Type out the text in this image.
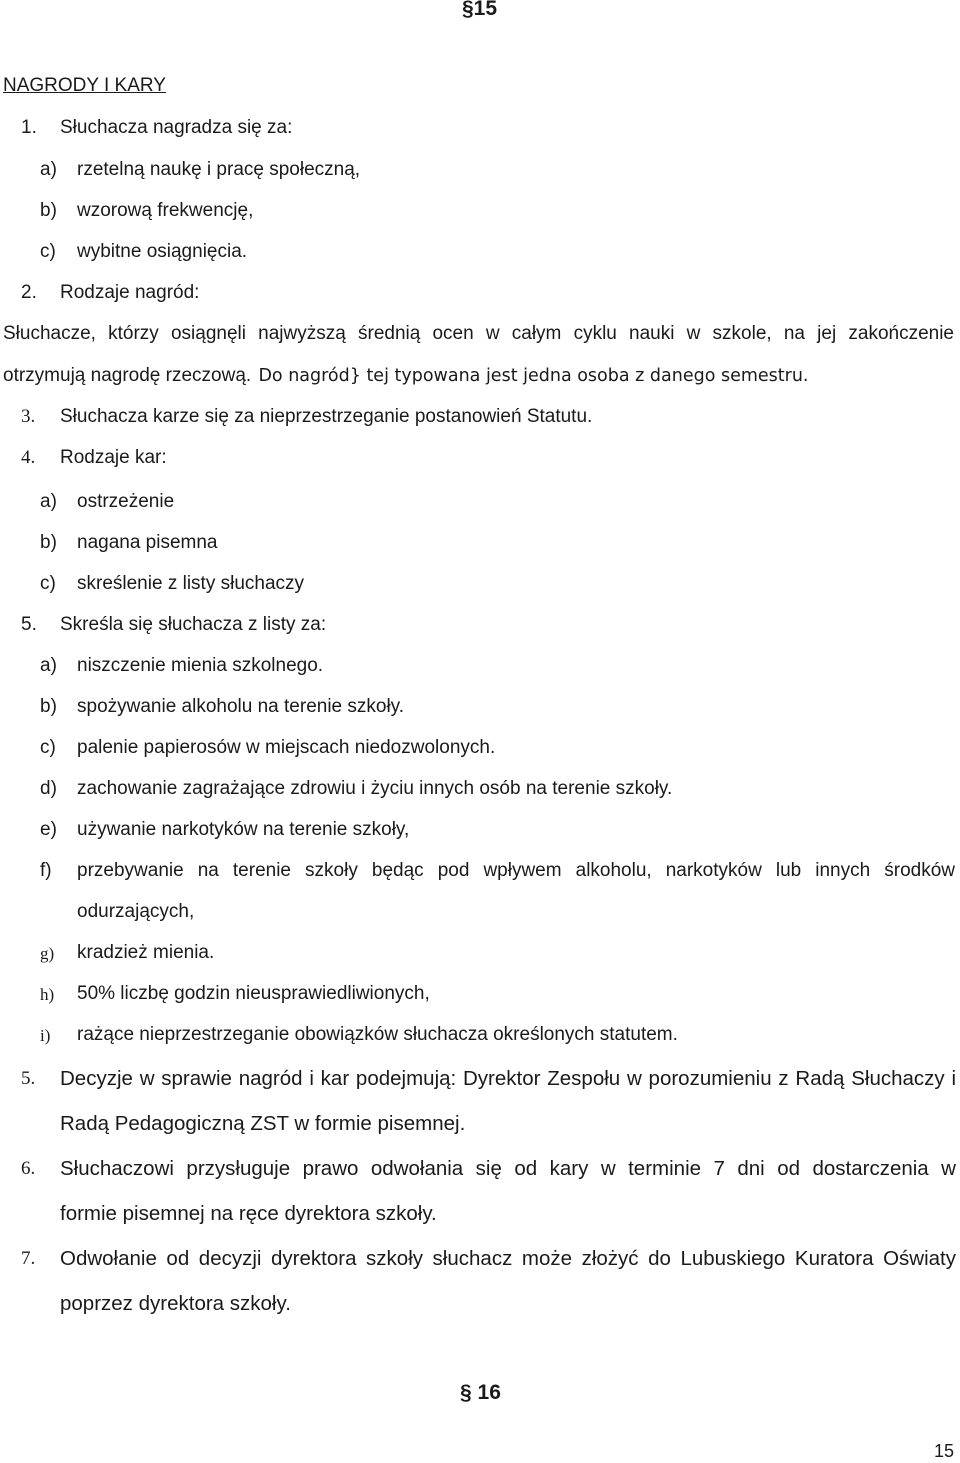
§15
NAGRODY I KARY
1. Słuchacza nagradza się za:
a) rzetelną naukę i pracę społeczną,
b) wzorową frekwencję,
c) wybitne osiągnięcia.
2. Rodzaje nagród:
Słuchacze, którzy osiągnęli najwyższą średnią ocen w całym cyklu nauki w szkole, na jej zakończenie
otrzymują nagrodę rzeczową. Do nagród} tej typowana jest jedna osoba z danego semestru.
3. Słuchacza karze się za nieprzestrzeganie postanowień Statutu.
4. Rodzaje kar:
a) ostrzeżenie
b) nagana pisemna
c) skreślenie z listy słuchaczy
5. Skreśla się słuchacza z listy za:
a) niszczenie mienia szkolnego.
b) spożywanie alkoholu na terenie szkoły.
c) palenie papierosów w miejscach niedozwolonych.
d) zachowanie zagrażające zdrowiu i życiu innych osób na terenie szkoły.
e) używanie narkotyków na terenie szkoły,
f) przebywanie na terenie szkoły będąc pod wpływem alkoholu, narkotyków lub innych środków
odurzających,
g) kradzież mienia.
h) 50% liczbę godzin nieusprawiedliwionych,
i) rażące nieprzestrzeganie obowiązków słuchacza określonych statutem.
5. Decyzje w sprawie nagród i kar podejmują: Dyrektor Zespołu w porozumieniu z Radą Słuchaczy i
Radą Pedagogiczną ZST w formie pisemnej.
6. Słuchaczowi przysługuje prawo odwołania się od kary w terminie 7 dni od dostarczenia w
formie pisemnej na ręce dyrektora szkoły.
7. Odwołanie od decyzji dyrektora szkoły słuchacz może złożyć do Lubuskiego Kuratora Oświaty
poprzez dyrektora szkoły.
§ 16
15
